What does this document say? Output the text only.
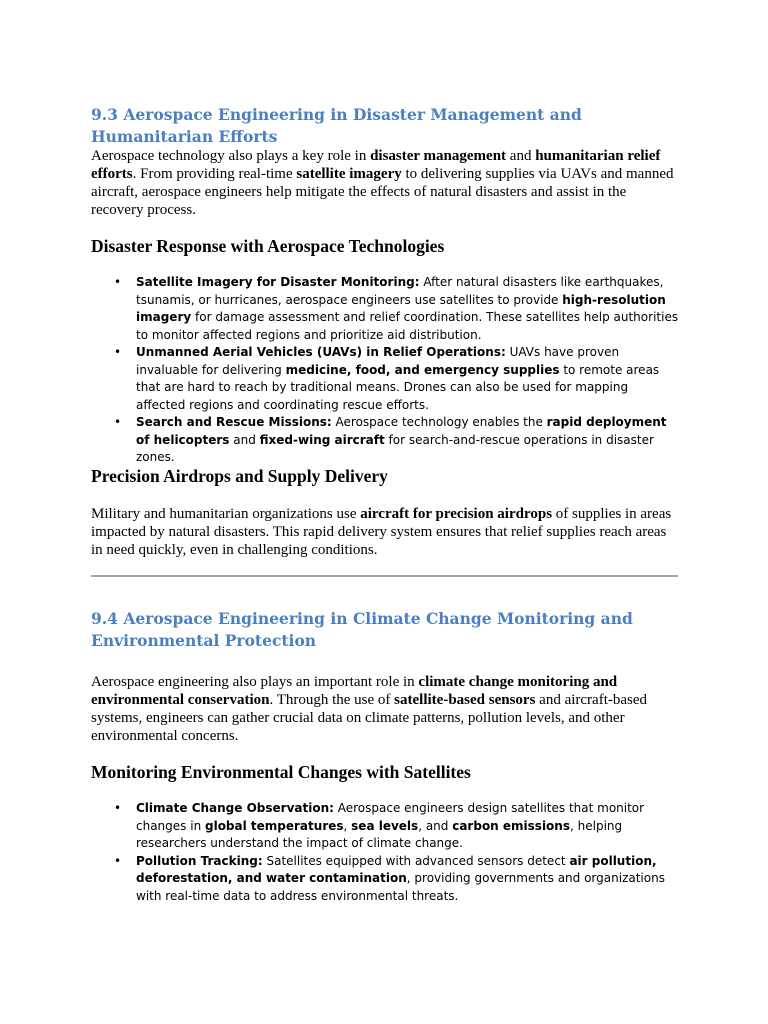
9.3 Aerospace Engineering in Disaster Management and Humanitarian Efforts

Aerospace technology also plays a key role in disaster management and humanitarian relief efforts. From providing real-time satellite imagery to delivering supplies via UAVs and manned aircraft, aerospace engineers help mitigate the effects of natural disasters and assist in the recovery process.

Disaster Response with Aerospace Technologies
• Satellite Imagery for Disaster Monitoring: After natural disasters like earthquakes, tsunamis, or hurricanes, aerospace engineers use satellites to provide high-resolution imagery for damage assessment and relief coordination. These satellites help authorities to monitor affected regions and prioritize aid distribution.
• Unmanned Aerial Vehicles (UAVs) in Relief Operations: UAVs have proven invaluable for delivering medicine, food, and emergency supplies to remote areas that are hard to reach by traditional means. Drones can also be used for mapping affected regions and coordinating rescue efforts.
• Search and Rescue Missions: Aerospace technology enables the rapid deployment of helicopters and fixed-wing aircraft for search-and-rescue operations in disaster zones.
Precision Airdrops and Supply Delivery

Military and humanitarian organizations use aircraft for precision airdrops of supplies in areas impacted by natural disasters. This rapid delivery system ensures that relief supplies reach areas in need quickly, even in challenging conditions.

9.4 Aerospace Engineering in Climate Change Monitoring and Environmental Protection

Aerospace engineering also plays an important role in climate change monitoring and environmental conservation. Through the use of satellite-based sensors and aircraft-based systems, engineers can gather crucial data on climate patterns, pollution levels, and other environmental concerns.

Monitoring Environmental Changes with Satellites
• Climate Change Observation: Aerospace engineers design satellites that monitor changes in global temperatures, sea levels, and carbon emissions, helping researchers understand the impact of climate change.
• Pollution Tracking: Satellites equipped with advanced sensors detect air pollution, deforestation, and water contamination, providing governments and organizations with real-time data to address environmental threats.
